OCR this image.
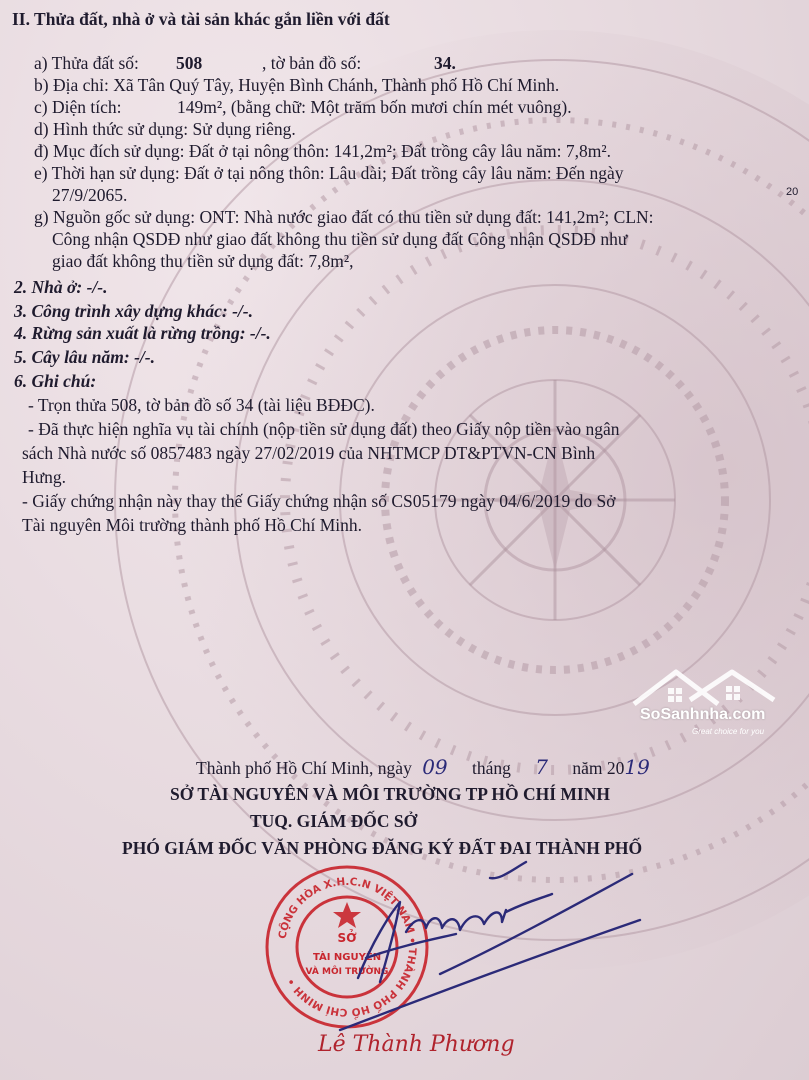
20
II. Thửa đất, nhà ở và tài sản khác gắn liền với đất
a) Thửa đất số: 508	, tờ bản đồ số:	34.
b) Địa chỉ: Xã Tân Quý Tây, Huyện Bình Chánh, Thành phố Hồ Chí Minh.
c) Diện tích:	149m², (bằng chữ: Một trăm bốn mươi chín mét vuông).
d) Hình thức sử dụng: Sử dụng riêng.
đ) Mục đích sử dụng: Đất ở tại nông thôn: 141,2m²; Đất trồng cây lâu năm: 7,8m².
e) Thời hạn sử dụng: Đất ở tại nông thôn: Lâu dài; Đất trồng cây lâu năm: Đến ngày
27/9/2065.
g) Nguồn gốc sử dụng: ONT: Nhà nước giao đất có thu tiền sử dụng đất: 141,2m²; CLN:
Công nhận QSDĐ như giao đất không thu tiền sử dụng đất Công nhận QSDĐ như
giao đất không thu tiền sử dụng đất: 7,8m²,
2. Nhà ở: -/-.
3. Công trình xây dựng khác: -/-.
4. Rừng sản xuất là rừng trồng: -/-.
5. Cây lâu năm: -/-.
6. Ghi chú:
- Trọn thửa 508, tờ bản đồ số 34 (tài liệu BĐĐC).
- Đã thực hiện nghĩa vụ tài chính (nộp tiền sử dụng đất) theo Giấy nộp tiền vào ngân
sách Nhà nước số 0857483 ngày 27/02/2019 của NHTMCP DT&PTVN-CN Bình
Hưng.
- Giấy chứng nhận này thay thế Giấy chứng nhận số CS05179 ngày 04/6/2019 do Sở
Tài nguyên Môi trường thành phố Hồ Chí Minh.
SoSanhnha.com
Great choice for you
Thành phố Hồ Chí Minh, ngày 09 tháng 7 năm 2019
SỞ TÀI NGUYÊN VÀ MÔI TRƯỜNG TP HỒ CHÍ MINH
TUQ. GIÁM ĐỐC SỞ
PHÓ GIÁM ĐỐC VĂN PHÒNG ĐĂNG KÝ ĐẤT ĐAI THÀNH PHỐ
CỘNG HÒA X.H.C.N VIỆT NAM • THÀNH PHỐ HỒ CHÍ MINH •
SỞ
TÀI NGUYÊN
VÀ MÔI TRƯỜNG
Lê Thành Phương
